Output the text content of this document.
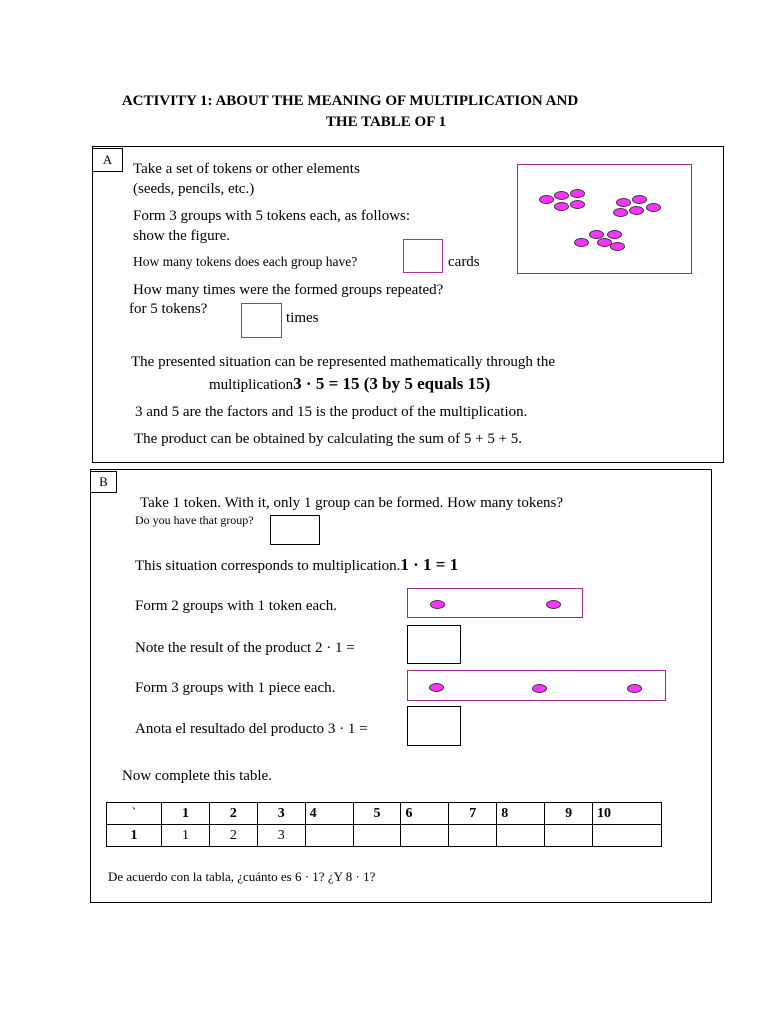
ACTIVITY 1: ABOUT THE MEANING OF MULTIPLICATION AND
THE TABLE OF 1
A
Take a set of tokens or other elements
(seeds, pencils, etc.)
Form 3 groups with 5 tokens each, as follows:
show the figure.
How many tokens does each group have?	cards
How many times were the formed groups repeated?
for 5 tokens?
times
The presented situation can be represented mathematically through the
multiplication3 · 5 = 15 (3 by 5 equals 15)
3 and 5 are the factors and 15 is the product of the multiplication.
The product can be obtained by calculating the sum of 5 + 5 + 5.
B
Take 1 token. With it, only 1 group can be formed. How many tokens?
Do you have that group?
This situation corresponds to multiplication.1 · 1 = 1
Form 2 groups with 1 token each.
Note the result of the product 2 · 1 =
Form 3 groups with 1 piece each.
Anota el resultado del producto 3 · 1 =
Now complete this table.
`	1	2	3	4	5	6	7	8	9	10
1	1	2	3							
De acuerdo con la tabla, ¿cuánto es 6 · 1? ¿Y 8 · 1?
